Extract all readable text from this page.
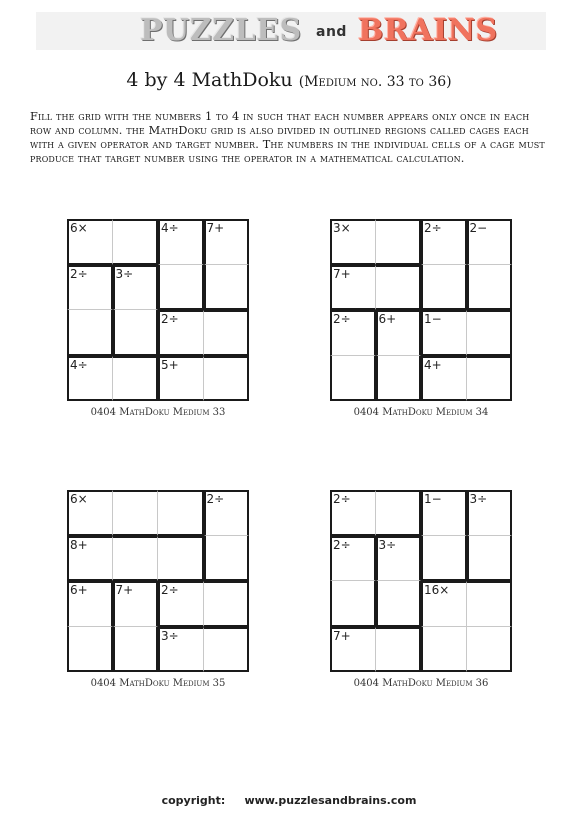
PUZZLES and BRAINS
4 by 4 MathDoku (Medium no. 33 to 36)
Fill the grid with the numbers 1 to 4 in such that each number appears only once in each row and column. the MathDoku grid is also divided in outlined regions called cages each with a given operator and target number. The numbers in the individual cells of a cage must produce that target number using the operator in a mathematical calculation.
6×	4÷ 7+
2÷ 3÷
2÷
4÷	5+
0404 MathDoku Medium 33
3×	2÷ 2−
7+
2÷ 6+ 1−
4+
0404 MathDoku Medium 34
6×	2÷
8+
6+ 7+ 2÷
3÷
0404 MathDoku Medium 35
2÷	1− 3÷
2÷ 3÷
16×
7+
0404 MathDoku Medium 36
copyright: www.puzzlesandbrains.com
